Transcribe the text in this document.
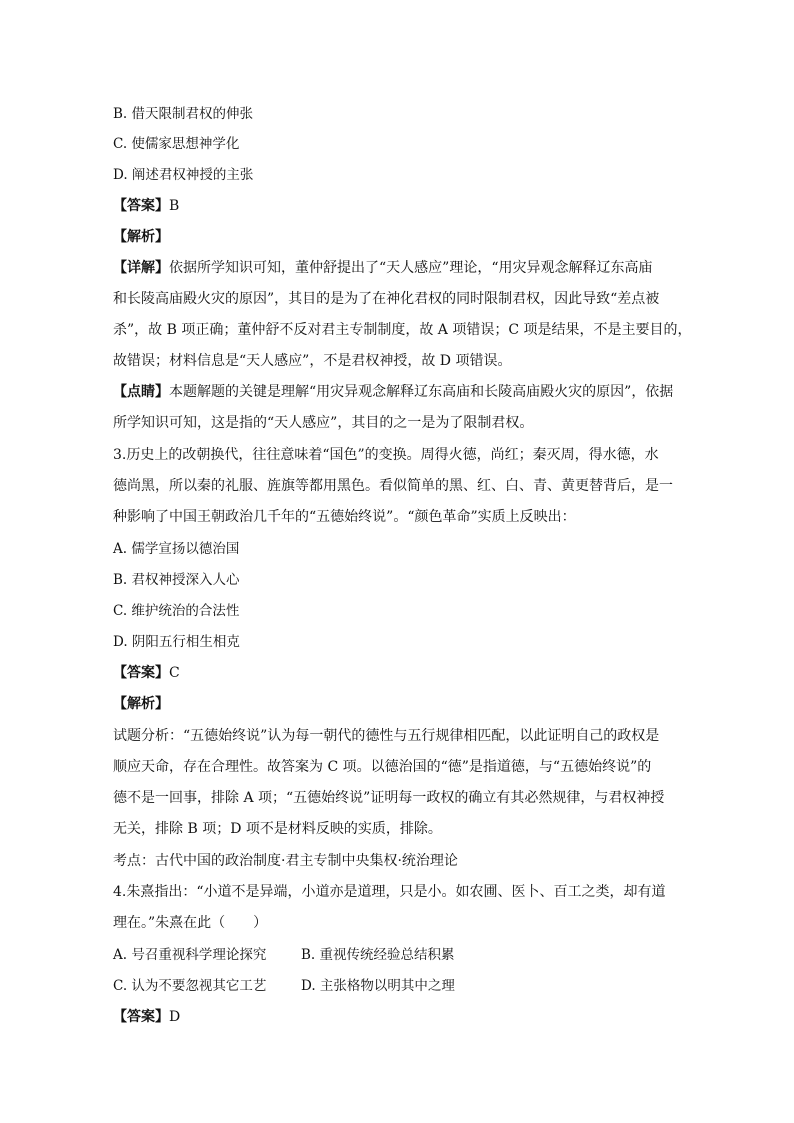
B. 借天限制君权的伸张
C. 使儒家思想神学化
D. 阐述君权神授的主张
【答案】B
【解析】
【详解】依据所学知识可知，董仲舒提出了“天人感应”理论，“用灾异观念解释辽东高庙
和长陵高庙殿火灾的原因”，其目的是为了在神化君权的同时限制君权，因此导致“差点被
杀”，故 B 项正确；董仲舒不反对君主专制制度，故 A 项错误；C 项是结果，不是主要目的，
故错误；材料信息是“天人感应”，不是君权神授，故 D 项错误。
【点睛】本题解题的关键是理解“用灾异观念解释辽东高庙和长陵高庙殿火灾的原因”，依据
所学知识可知，这是指的“天人感应”，其目的之一是为了限制君权。
3.历史上的改朝换代，往往意味着“国色”的变换。周得火德，尚红；秦灭周，得水德，水
德尚黑，所以秦的礼服、旌旗等都用黑色。看似简单的黑、红、白、青、黄更替背后，是一
种影响了中国王朝政治几千年的“五德始终说”。“颜色革命”实质上反映出：
A. 儒学宣扬以德治国
B. 君权神授深入人心
C. 维护统治的合法性
D. 阴阳五行相生相克
【答案】C
【解析】
试题分析：“五德始终说”认为每一朝代的德性与五行规律相匹配，以此证明自己的政权是
顺应天命，存在合理性。故答案为 C 项。以德治国的“德”是指道德，与“五德始终说”的
德不是一回事，排除 A 项；“五德始终说”证明每一政权的确立有其必然规律，与君权神授
无关，排除 B 项；D 项不是材料反映的实质，排除。
考点：古代中国的政治制度·君主专制中央集权·统治理论
4.朱熹指出：“小道不是异端，小道亦是道理，只是小。如农圃、医卜、百工之类，却有道
理在。”朱熹在此（　　）
A. 号召重视科学理论探究	B. 重视传统经验总结积累
C. 认为不要忽视其它工艺	D. 主张格物以明其中之理
【答案】D
